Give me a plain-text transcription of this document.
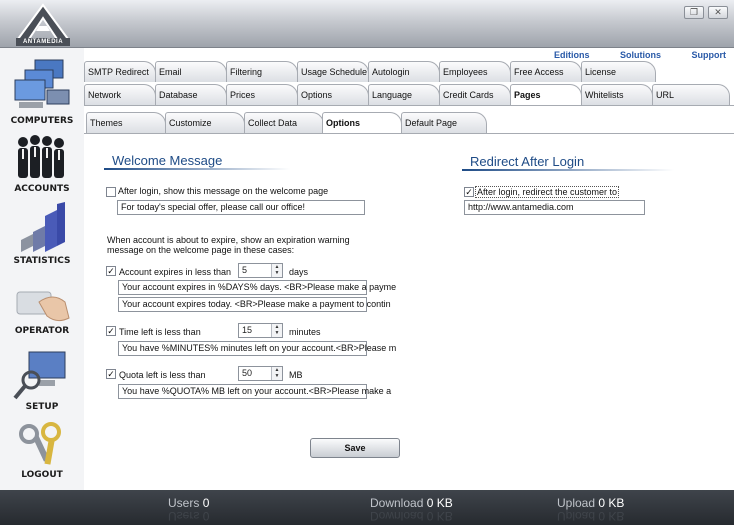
ANTAMEDIA
❐	✕
COMPUTERS
ACCOUNTS
STATISTICS
OPERATOR
SETUP
LOGOUT
Editions	Solutions	Support
SMTP Redirect	Email	Filtering	Usage Schedule Autologin	Employees	Free Access	License
Network	Database	Prices	Options	Language	Credit Cards	Pages	Whitelists	URL
Themes	Customize	Collect Data	Options	Default Page
Welcome Message
After login, show this message on the welcome page
For today's special offer, please call our office!
When account is about to expire, show an expiration warning
message on the welcome page in these cases:
✓ Account expires in less than	5	▲
▼ days
Your account expires in %DAYS% days. <BR>Please make a payme
Your account expires today. <BR>Please make a payment to contin
✓ Time left is less than	15	▲
▼ minutes
You have %MINUTES% minutes left on your account.<BR>Please m
✓ Quota left is less than	50	▲
▼ MB
You have %QUOTA% MB left on your account.<BR>Please make a
Redirect After Login
✓ After login, redirect the customer to
http://www.antamedia.com
Save
Users 0	Download 0 KB	Upload 0 KB
Users 0	Download 0 KB	Upload 0 KB
